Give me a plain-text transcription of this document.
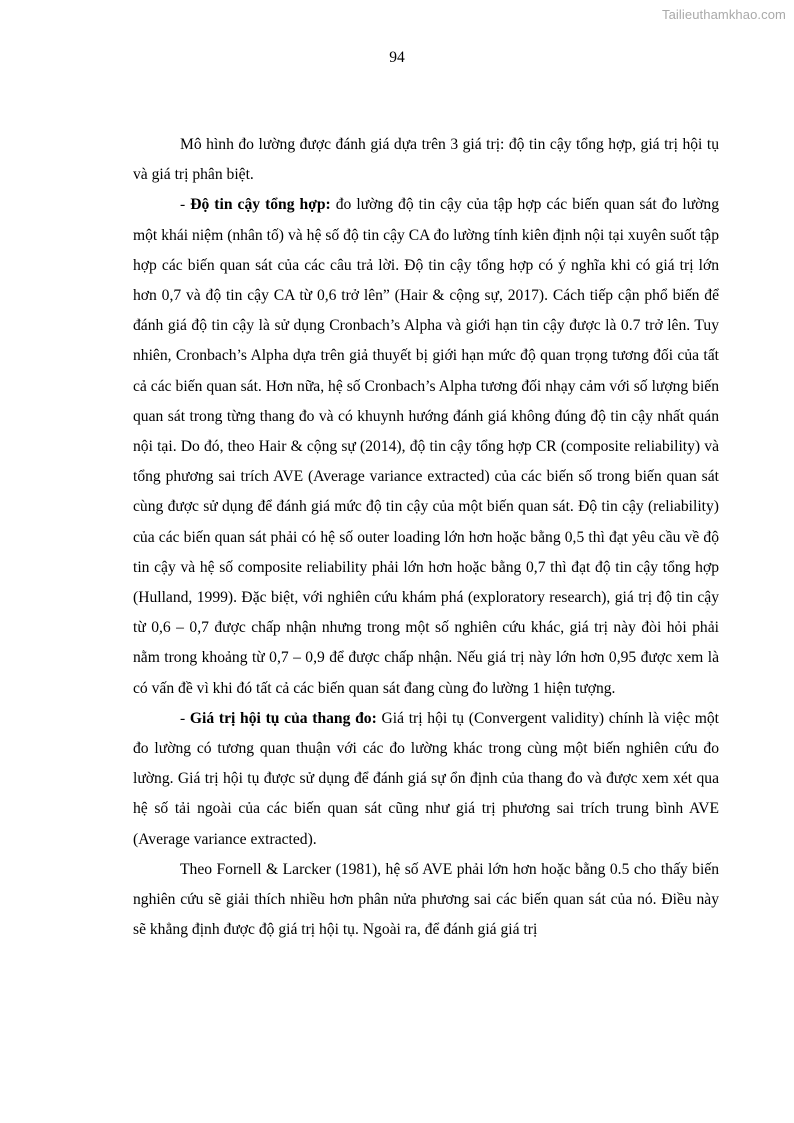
Tailieuthamkhao.com
94

Mô hình đo lường được đánh giá dựa trên 3 giá trị: độ tin cậy tổng hợp, giá trị hội tụ và giá trị phân biệt.

- Độ tin cậy tổng hợp: đo lường độ tin cậy của tập hợp các biến quan sát đo lường một khái niệm (nhân tố) và hệ số độ tin cậy CA đo lường tính kiên định nội tại xuyên suốt tập hợp các biến quan sát của các câu trả lời. Độ tin cậy tổng hợp có ý nghĩa khi có giá trị lớn hơn 0,7 và độ tin cậy CA từ 0,6 trở lên” (Hair & cộng sự, 2017). Cách tiếp cận phổ biến để đánh giá độ tin cậy là sử dụng Cronbach’s Alpha và giới hạn tin cậy được là 0.7 trở lên. Tuy nhiên, Cronbach’s Alpha dựa trên giả thuyết bị giới hạn mức độ quan trọng tương đối của tất cả các biến quan sát. Hơn nữa, hệ số Cronbach’s Alpha tương đối nhạy cảm với số lượng biến quan sát trong từng thang đo và có khuynh hướng đánh giá không đúng độ tin cậy nhất quán nội tại. Do đó, theo Hair & cộng sự (2014), độ tin cậy tổng hợp CR (composite reliability) và tổng phương sai trích AVE (Average variance extracted) của các biến số trong biến quan sát cùng được sử dụng để đánh giá mức độ tin cậy của một biến quan sát. Độ tin cậy (reliability) của các biến quan sát phải có hệ số outer loading lớn hơn hoặc bằng 0,5 thì đạt yêu cầu về độ tin cậy và hệ số composite reliability phải lớn hơn hoặc bằng 0,7 thì đạt độ tin cậy tổng hợp (Hulland, 1999). Đặc biệt, với nghiên cứu khám phá (exploratory research), giá trị độ tin cậy từ 0,6 – 0,7 được chấp nhận nhưng trong một số nghiên cứu khác, giá trị này đòi hỏi phải nằm trong khoảng từ 0,7 – 0,9 để được chấp nhận. Nếu giá trị này lớn hơn 0,95 được xem là có vấn đề vì khi đó tất cả các biến quan sát đang cùng đo lường 1 hiện tượng.

- Giá trị hội tụ của thang đo: Giá trị hội tụ (Convergent validity) chính là việc một đo lường có tương quan thuận với các đo lường khác trong cùng một biến nghiên cứu đo lường. Giá trị hội tụ được sử dụng để đánh giá sự ổn định của thang đo và được xem xét qua hệ số tải ngoài của các biến quan sát cũng như giá trị phương sai trích trung bình AVE (Average variance extracted).

Theo Fornell & Larcker (1981), hệ số AVE phải lớn hơn hoặc bằng 0.5 cho thấy biến nghiên cứu sẽ giải thích nhiều hơn phân nửa phương sai các biến quan sát của nó. Điều này sẽ khẳng định được độ giá trị hội tụ. Ngoài ra, để đánh giá giá trị
